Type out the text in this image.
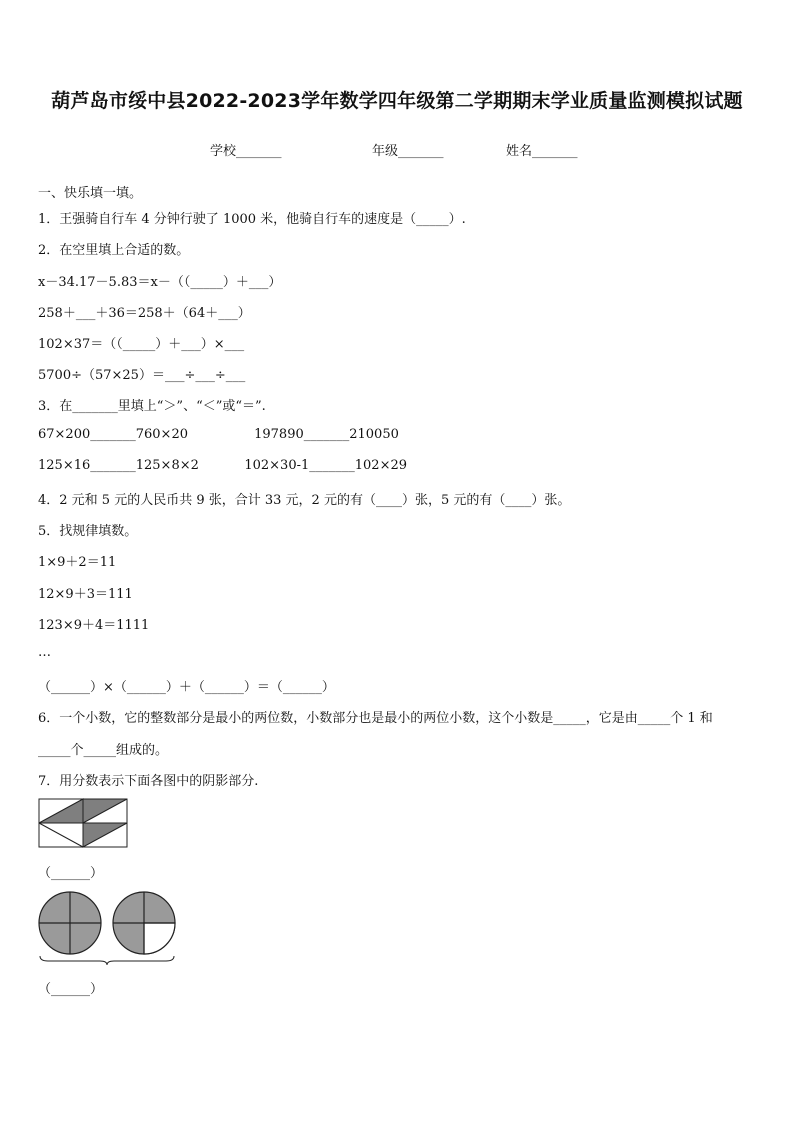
葫芦岛市绥中县2022-2023学年数学四年级第二学期期末学业质量监测模拟试题
学校_______	年级_______	姓名_______
一、快乐填一填。
1．王强骑自行车 4 分钟行驶了 1000 米，他骑自行车的速度是（_____）.
2．在空里填上合适的数。
x－34.17－5.83＝x－（（_____）＋___）
258＋___＋36＝258＋（64＋___）
102×37＝（（_____）＋___）×___
5700÷（57×25）＝___÷___÷___
3．在_______里填上“＞”、“＜”或“＝”.
67×200_______760×20                197890_______210050
125×16_______125×8×2           102×30-1_______102×29
4．2 元和 5 元的人民币共 9 张，合计 33 元，2 元的有（____）张，5 元的有（____）张。
5．找规律填数。
1×9＋2＝11
12×9＋3＝111
123×9＋4＝1111
…
（______）×（______）＋（______）＝（______）
6．一个小数，它的整数部分是最小的两位数，小数部分也是最小的两位小数，这个小数是_____，它是由_____个 1 和
_____个_____组成的。
7．用分数表示下面各图中的阴影部分.
（______）
（______）
